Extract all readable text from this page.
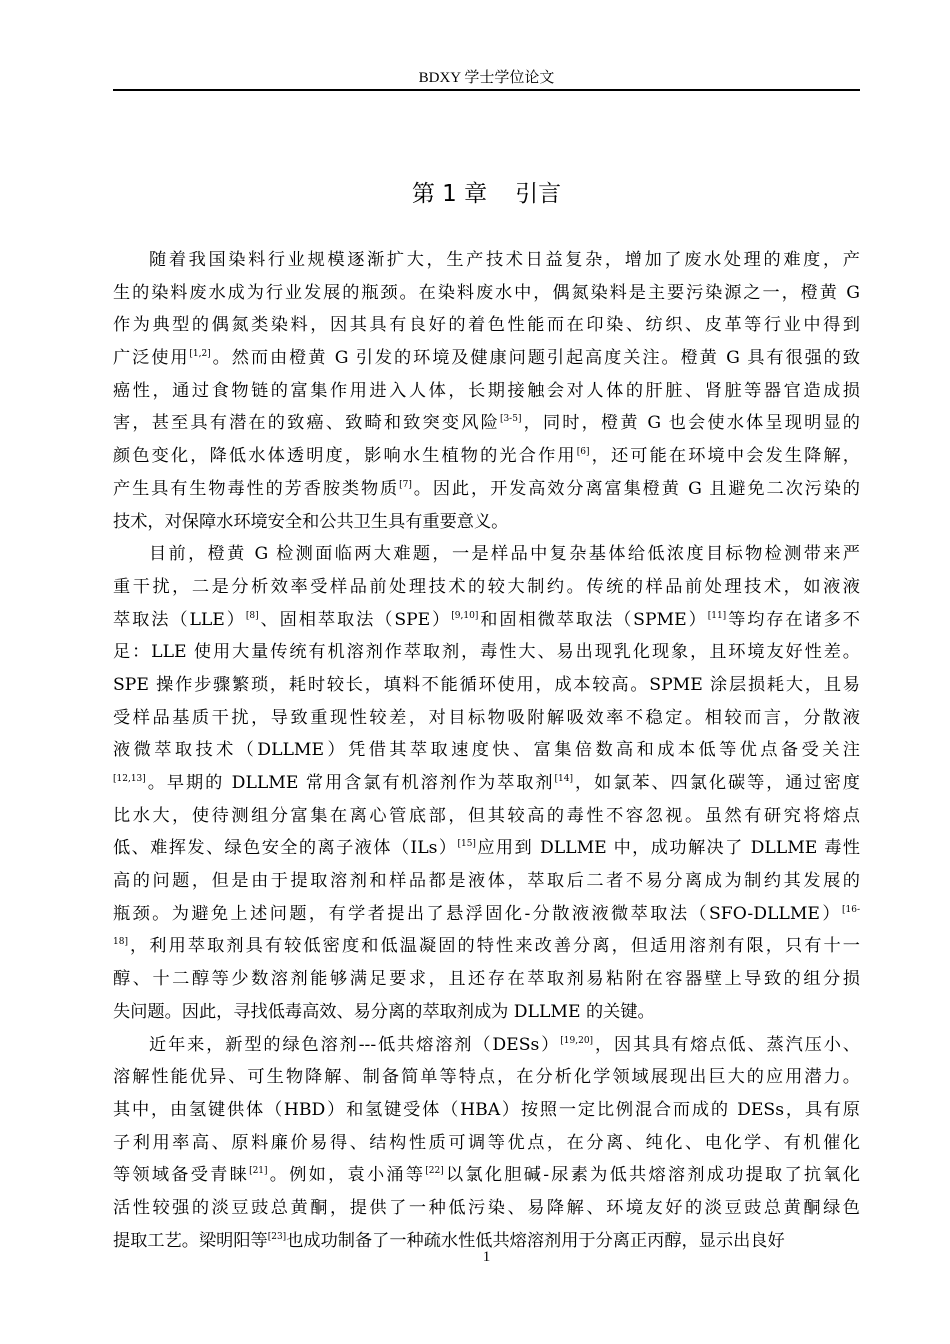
BDXY 学士学位论文
第 1 章 引言
随着我国染料行业规模逐渐扩大，生产技术日益复杂，增加了废水处理的难度，产
生的染料废水成为行业发展的瓶颈。在染料废水中，偶氮染料是主要污染源之一，橙黄 G
作为典型的偶氮类染料，因其具有良好的着色性能而在印染、纺织、皮革等行业中得到
广泛使用[1,2]。然而由橙黄 G 引发的环境及健康问题引起高度关注。橙黄 G 具有很强的致
癌性，通过食物链的富集作用进入人体，长期接触会对人体的肝脏、肾脏等器官造成损
害，甚至具有潜在的致癌、致畸和致突变风险[3-5]，同时，橙黄 G 也会使水体呈现明显的
颜色变化，降低水体透明度，影响水生植物的光合作用[6]，还可能在环境中会发生降解，
产生具有生物毒性的芳香胺类物质[7]。因此，开发高效分离富集橙黄 G 且避免二次污染的
技术，对保障水环境安全和公共卫生具有重要意义。
目前，橙黄 G 检测面临两大难题，一是样品中复杂基体给低浓度目标物检测带来严
重干扰，二是分析效率受样品前处理技术的较大制约。传统的样品前处理技术，如液液
萃取法（LLE）[8]、固相萃取法（SPE）[9,10]和固相微萃取法（SPME）[11]等均存在诸多不
足：LLE 使用大量传统有机溶剂作萃取剂，毒性大、易出现乳化现象，且环境友好性差。
SPE 操作步骤繁琐，耗时较长，填料不能循环使用，成本较高。SPME 涂层损耗大，且易
受样品基质干扰，导致重现性较差，对目标物吸附解吸效率不稳定。相较而言，分散液
液微萃取技术（DLLME）凭借其萃取速度快、富集倍数高和成本低等优点备受关注
[12,13]。早期的 DLLME 常用含氯有机溶剂作为萃取剂[14]，如氯苯、四氯化碳等，通过密度
比水大，使待测组分富集在离心管底部，但其较高的毒性不容忽视。虽然有研究将熔点
低、难挥发、绿色安全的离子液体（ILs）[15]应用到 DLLME 中，成功解决了 DLLME 毒性
高的问题，但是由于提取溶剂和样品都是液体，萃取后二者不易分离成为制约其发展的
瓶颈。为避免上述问题，有学者提出了悬浮固化-分散液液微萃取法（SFO-DLLME）$^{[16-}$
$^{18]}$，利用萃取剂具有较低密度和低温凝固的特性来改善分离，但适用溶剂有限，只有十一
醇、十二醇等少数溶剂能够满足要求，且还存在萃取剂易粘附在容器壁上导致的组分损
失问题。因此，寻找低毒高效、易分离的萃取剂成为 DLLME 的关键。
近年来，新型的绿色溶剂---低共熔溶剂（DESs）[19,20]，因其具有熔点低、蒸汽压小、
溶解性能优异、可生物降解、制备简单等特点，在分析化学领域展现出巨大的应用潜力。
其中，由氢键供体（HBD）和氢键受体（HBA）按照一定比例混合而成的 DESs，具有原
子利用率高、原料廉价易得、结构性质可调等优点，在分离、纯化、电化学、有机催化
等领域备受青睐[21]。例如，袁小涌等[22]以氯化胆碱-尿素为低共熔溶剂成功提取了抗氧化
活性较强的淡豆豉总黄酮，提供了一种低污染、易降解、环境友好的淡豆豉总黄酮绿色
提取工艺。梁明阳等[23]也成功制备了一种疏水性低共熔溶剂用于分离正丙醇，显示出良好
1
